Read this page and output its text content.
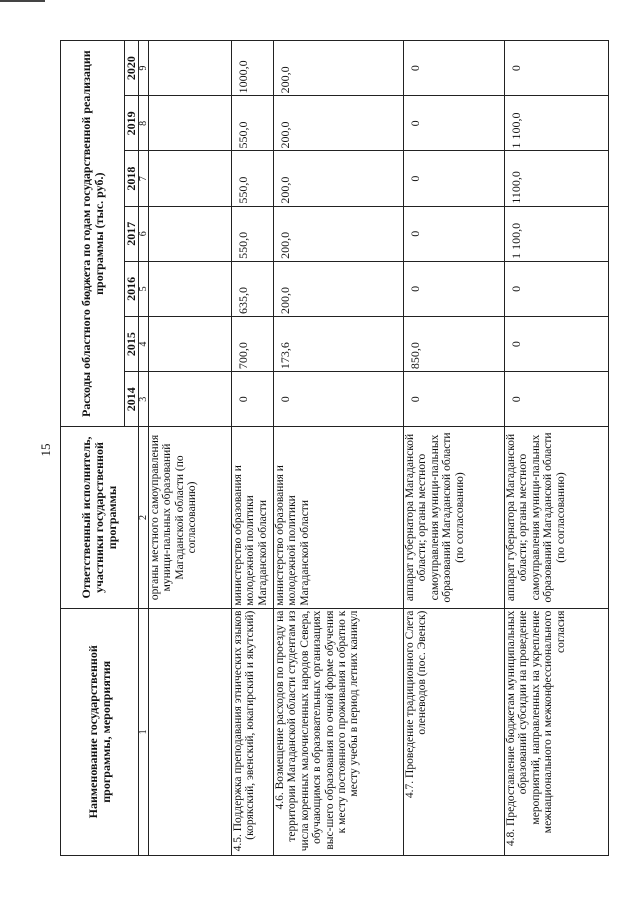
15
Наименование государственной программы, мероприятия	Ответственный исполнитель, участники государственной программы	Расходы областного бюджета по годам государственной реализации программы (тыс. руб.)						
		2014	2015	2016	2017	2018	2019	2020
1	2	3	4	5	6	7	8	9

	органы местного самоуправления муници-пальных образований Магаданской области (по согласованию)							

4.5. Поддержка преподавания этнических языков (корякский, эвенский, юкагирский и якутский)	министерство образования и молодежной политики Магаданской области	0	700,0	635,0	550,0	550,0	550,0	1000,0
4.6. Возмещение расходов по проезду на территории Магаданской области студентам из числа коренных малочисленных народов Севера, обучающимся в образовательных организациях выс-шего образования по очной форме обучения к месту постоянного проживания и обратно к месту учебы в период летних каникул	министерство образования и молодежной политики Магаданской области	0	173,6	200,0	200,0	200,0	200,0	200,0
4.7. Проведение традиционного Слета оленеводов (пос. Эвенск)	аппарат губернатора Магаданской области; органы местного самоуправления муници-пальных образований Магаданской области (по согласованию)	0	850,0	0	0	0	0	0
4.8. Предоставление бюджетам муниципальных образований субсидии на проведение мероприятий, направленных на укрепление межнационального и межконфессионального согласия	аппарат губернатора Магаданской области; органы местного самоуправления муници-пальных образований Магаданской области (по согласованию)	0	0	0	1 100,0	1100,0	1 100,0	0
